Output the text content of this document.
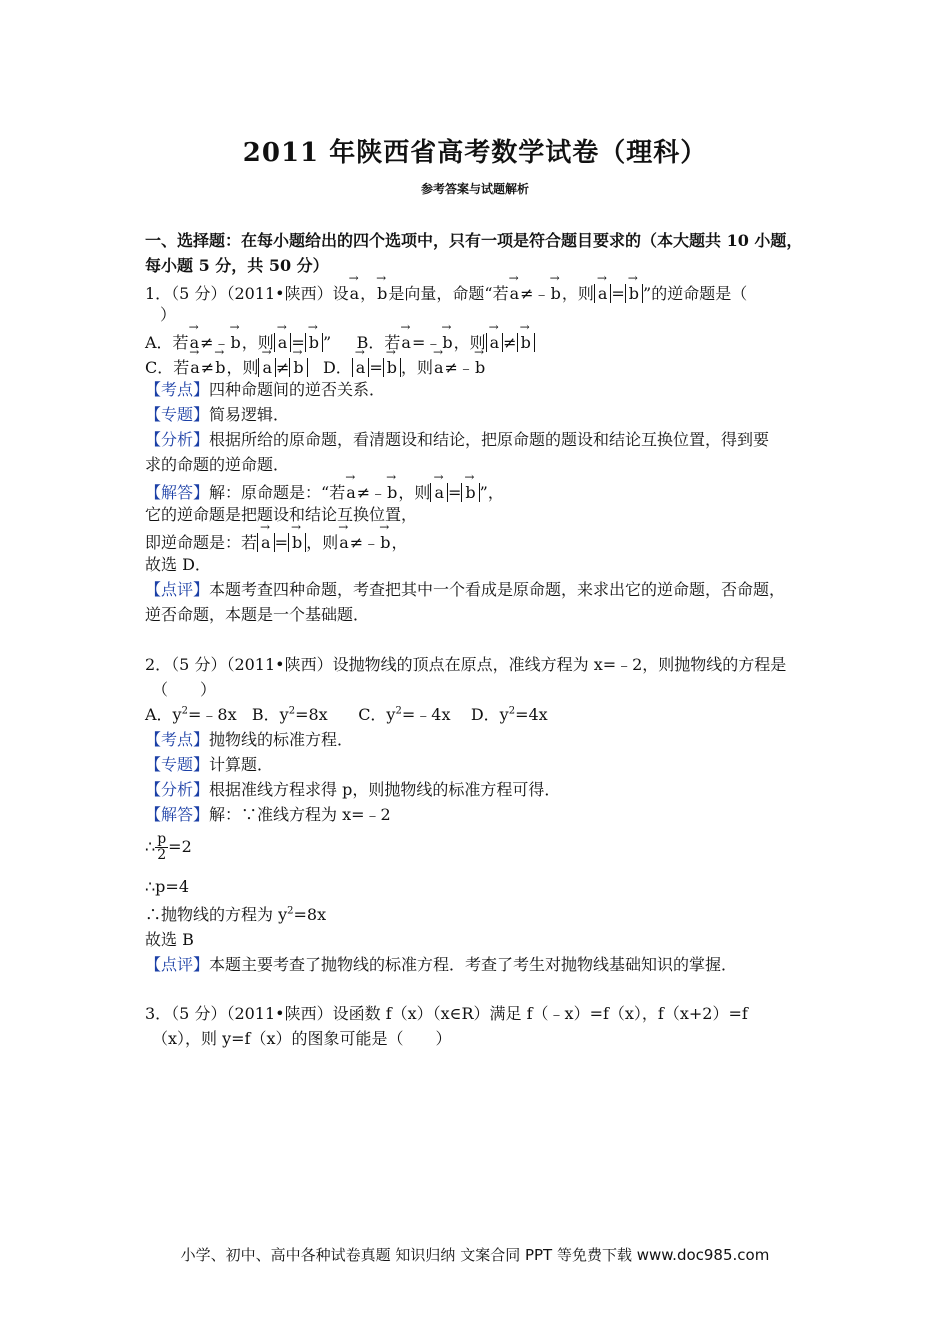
2011 年陕西省高考数学试卷（理科）
参考答案与试题解析
一、选择题：在每小题给出的四个选项中，只有一项是符合题目要求的（本大题共 10 小题，
每小题 5 分，共 50 分）
1．（5 分）（2011•陕西）设→ a，→ b是向量，命题“若→ a≠﹣→ b，则 → a = → b ”的逆命题是（
）
A．若→ a≠﹣→ b，则 → a = → b ” B．若→ a=﹣→ b，则 → a ≠ → b
C．若→ a≠→ b，则 → a ≠ → b D． → a = → b ，则→ a≠﹣→ b
【考点】四种命题间的逆否关系．
【专题】简易逻辑．
【分析】根据所给的原命题，看清题设和结论，把原命题的题设和结论互换位置，得到要
求的命题的逆命题．
【解答】解：原命题是：“若→ a≠﹣→ b，则 → a = → b ”，
它的逆命题是把题设和结论互换位置，
即逆命题是：若 → a = → b ，则→ a≠﹣→ b，
故选 D．
【点评】本题考查四种命题，考查把其中一个看成是原命题，来求出它的逆命题，否命题，
逆否命题，本题是一个基础题．
2．（5 分）（2011•陕西）设抛物线的顶点在原点，准线方程为 x=﹣2，则抛物线的方程是
（　　）
A．$y^2=﹣8x$ B．$y^2=8x$ C．$y^2=﹣4x$ D．$y^2=4x$
【考点】抛物线的标准方程．
【专题】计算题．
【分析】根据准线方程求得 p，则抛物线的标准方程可得．
【解答】解：∵准线方程为 x=﹣2
∴ $\frac{p}{2} =2$
∴p=4
∴抛物线的方程为 $y^2=8x$
故选 B
【点评】本题主要考查了抛物线的标准方程．考查了考生对抛物线基础知识的掌握．
3．（5 分）（2011•陕西）设函数 f（x）（x∈R）满足 f（﹣x）=f（x），f（x+2）=f
（x），则 y=f（x）的图象可能是（　　）
小学、初中、高中各种试卷真题 知识归纳 文案合同 PPT 等免费下载 www.doc985.com
